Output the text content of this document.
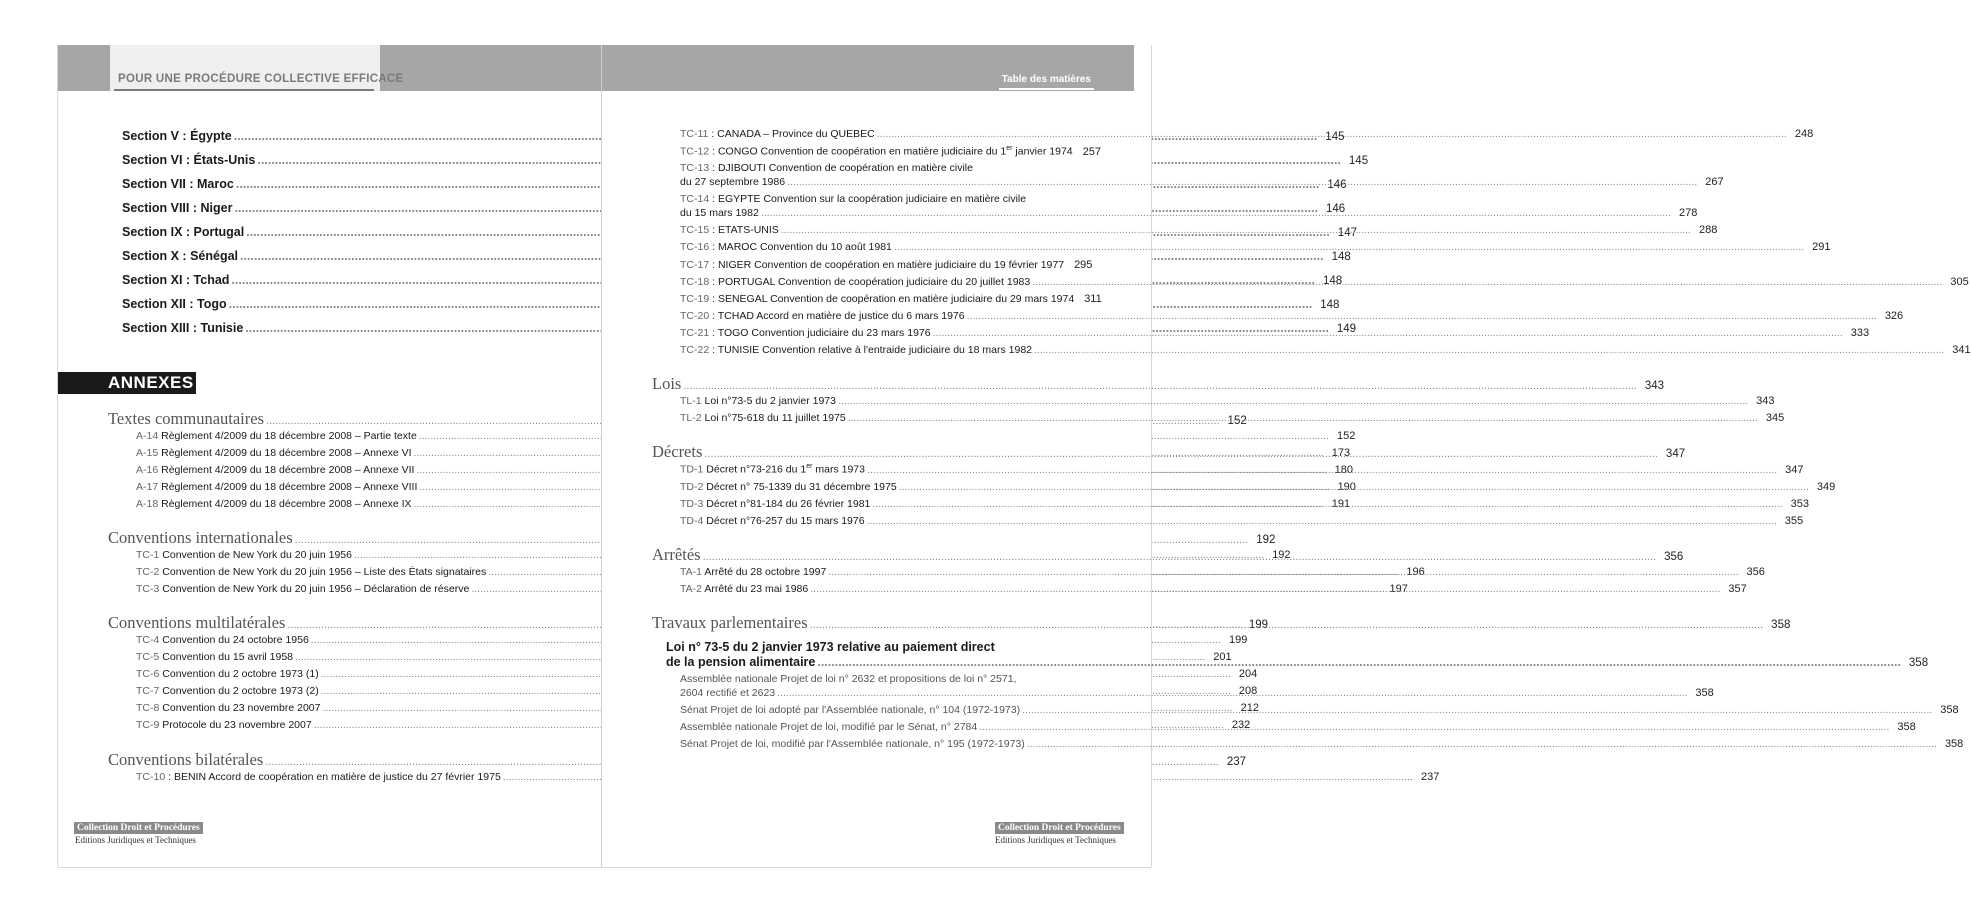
POUR UNE PROCÉDURE COLLECTIVE EFFICACE
Section V : Égypte .....	145
Section VI : États-Unis .....	145
Section VII : Maroc .....	146
Section VIII : Niger .....	146
Section IX : Portugal .....	147
Section X : Sénégal .....	148
Section XI : Tchad .....	148
Section XII : Togo .....	148
Section XIII : Tunisie .....	149
ANNEXES
Textes communautaires .....	152
A-14 Règlement 4/2009 du 18 décembre 2008 – Partie texte .....	152
A-15 Règlement 4/2009 du 18 décembre 2008 – Annexe VI .....	173
A-16 Règlement 4/2009 du 18 décembre 2008 – Annexe VII .....	180
A-17 Règlement 4/2009 du 18 décembre 2008 – Annexe VIII .....	190
A-18 Règlement 4/2009 du 18 décembre 2008 – Annexe IX .....	191
Conventions internationales .....	192
TC-1 Convention de New York du 20 juin 1956 .....	192
TC-2 Convention de New York du 20 juin 1956 – Liste des États signataires .....	196
TC-3 Convention de New York du 20 juin 1956 – Déclaration de réserve .....	197
Conventions multilatérales .....	199
TC-4 Convention du 24 octobre 1956 .....	199
TC-5 Convention du 15 avril 1958 .....	201
TC-6 Convention du 2 octobre 1973 (1) .....	204
TC-7 Convention du 2 octobre 1973 (2) .....	208
TC-8 Convention du 23 novembre 2007 .....	212
TC-9 Protocole du 23 novembre 2007 .....	232
Conventions bilatérales .....	237
TC-10 : BENIN Accord de coopération en matière de justice du 27 février 1975 .....	237
Collection Droit et Procédures
Editions Juridiques et Techniques
Table des matières
TC-11 : CANADA – Province du QUEBEC .....	248
TC-12 : CONGO Convention de coopération en matière judiciaire du 1er janvier 1974 257
TC-13 : DJIBOUTI Convention de coopération en matière civile
du 27 septembre 1986 .....	267
TC-14 : EGYPTE Convention sur la coopération judiciaire en matière civile
du 15 mars 1982 .....	278
TC-15 : ETATS-UNIS .....	288
TC-16 : MAROC Convention du 10 août 1981 .....	291
TC-17 : NIGER Convention de coopération en matière judiciaire du 19 février 1977 295
TC-18 : PORTUGAL Convention de coopération judiciaire du 20 juillet 1983 .....	305
TC-19 : SENEGAL Convention de coopération en matière judiciaire du 29 mars 1974 311
TC-20 : TCHAD Accord en matière de justice du 6 mars 1976 .....	326
TC-21 : TOGO Convention judiciaire du 23 mars 1976 .....	333
TC-22 : TUNISIE Convention relative à l'entraide judiciaire du 18 mars 1982 .....	341
Lois .....	343
TL-1 Loi n°73-5 du 2 janvier 1973 .....	343
TL-2 Loi n°75-618 du 11 juillet 1975 .....	345
Décrets .....	347
TD-1 Décret n°73-216 du 1er mars 1973 .....	347
TD-2 Décret n° 75-1339 du 31 décembre 1975 .....	349
TD-3 Décret n°81-184 du 26 février 1981 .....	353
TD-4 Décret n°76-257 du 15 mars 1976 .....	355
Arrêtés .....	356
TA-1 Arrêté du 28 octobre 1997 .....	356
TA-2 Arrêté du 23 mai 1986 .....	357
Travaux parlementaires .....	358
Loi n° 73-5 du 2 janvier 1973 relative au paiement direct
de la pension alimentaire .....	358
Assemblée nationale Projet de loi n° 2632 et propositions de loi n° 2571,
2604 rectifié et 2623 .....	358
Sénat Projet de loi adopté par l'Assemblée nationale, n° 104 (1972-1973) .....	358
Assemblée nationale Projet de loi, modifié par le Sénat, n° 2784 .....	358
Sénat Projet de loi, modifié par l'Assemblée nationale, n° 195 (1972-1973) .....	358
Collection Droit et Procédures
Editions Juridiques et Techniques
